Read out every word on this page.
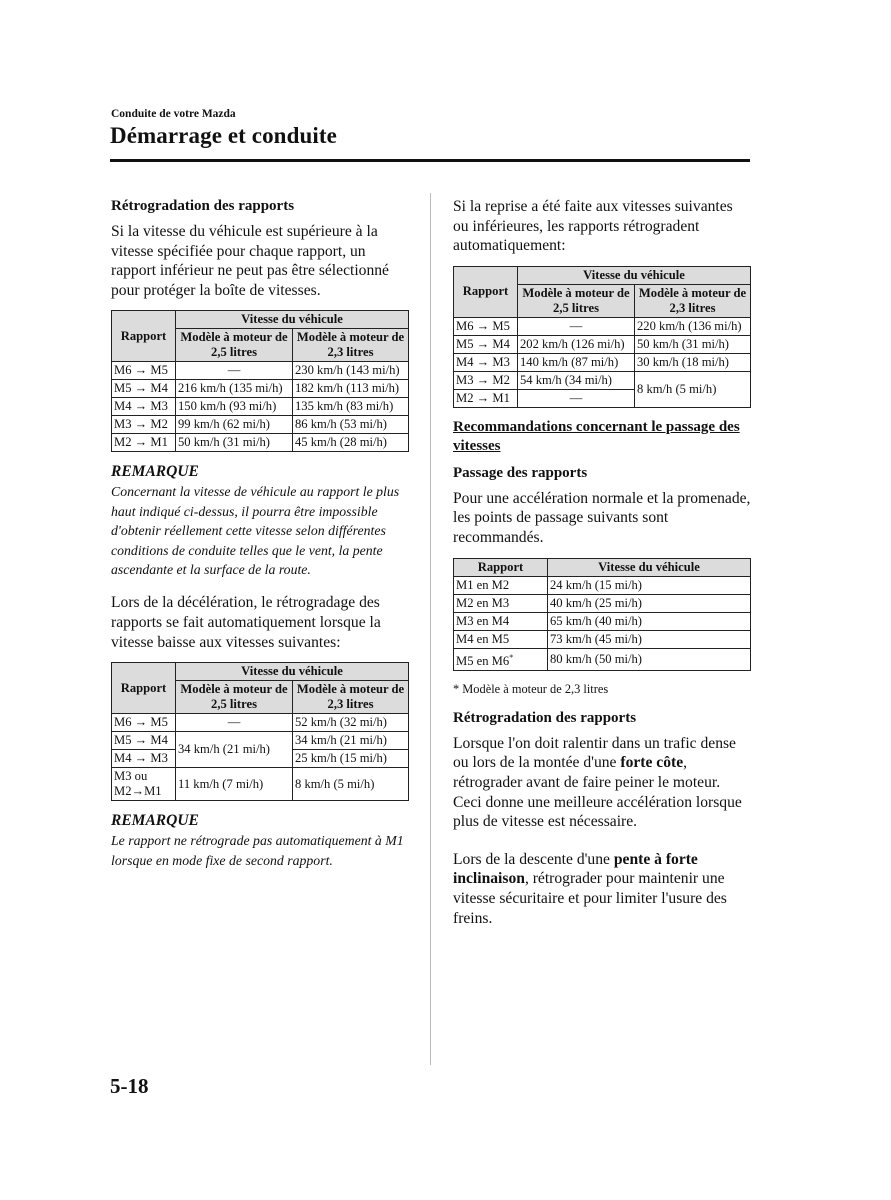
Conduite de votre Mazda
Démarrage et conduite
Rétrogradation des rapports

Si la vitesse du véhicule est supérieure à la vitesse spécifiée pour chaque rapport, un rapport inférieur ne peut pas être sélectionné pour protéger la boîte de vitesses.

Rapport	Vitesse du véhicule	
	Modèle à moteur de 2,5 litres	Modèle à moteur de 2,3 litres
M6 → M5	—	230 km/h (143 mi/h)
M5 → M4	216 km/h (135 mi/h)	182 km/h (113 mi/h)
M4 → M3	150 km/h (93 mi/h)	135 km/h (83 mi/h)
M3 → M2	99 km/h (62 mi/h)	86 km/h (53 mi/h)
M2 → M1	50 km/h (31 mi/h)	45 km/h (28 mi/h)
REMARQUE
Concernant la vitesse de véhicule au rapport le plus haut indiqué ci-dessus, il pourra être impossible d'obtenir réellement cette vitesse selon différentes conditions de conduite telles que le vent, la pente ascendante et la surface de la route.

Lors de la décélération, le rétrogradage des rapports se fait automatiquement lorsque la vitesse baisse aux vitesses suivantes:

Rapport	Vitesse du véhicule	
	Modèle à moteur de 2,5 litres	Modèle à moteur de 2,3 litres
M6 → M5	—	52 km/h (32 mi/h)
M5 → M4	34 km/h (21 mi/h)	34 km/h (21 mi/h)
M4 → M3		25 km/h (15 mi/h)
M3 ou
M2→M1	11 km/h (7 mi/h)	8 km/h (5 mi/h)
REMARQUE
Le rapport ne rétrograde pas automatiquement à M1 lorsque en mode fixe de second rapport.

Si la reprise a été faite aux vitesses suivantes ou inférieures, les rapports rétrogradent automatiquement:

Rapport	Vitesse du véhicule	
	Modèle à moteur de 2,5 litres	Modèle à moteur de 2,3 litres
M6 → M5	—	220 km/h (136 mi/h)
M5 → M4	202 km/h (126 mi/h)	50 km/h (31 mi/h)
M4 → M3	140 km/h (87 mi/h)	30 km/h (18 mi/h)
M3 → M2	54 km/h (34 mi/h)	8 km/h (5 mi/h)
M2 → M1	—	
Recommandations concernant le passage des vitesses
Passage des rapports

Pour une accélération normale et la promenade, les points de passage suivants sont recommandés.

Rapport	Vitesse du véhicule
M1 en M2	24 km/h (15 mi/h)
M2 en M3	40 km/h (25 mi/h)
M3 en M4	65 km/h (40 mi/h)
M4 en M5	73 km/h (45 mi/h)
M5 en M6*	80 km/h (50 mi/h)
* Modèle à moteur de 2,3 litres
Rétrogradation des rapports

Lorsque l'on doit ralentir dans un trafic dense ou lors de la montée d'une forte côte, rétrograder avant de faire peiner le moteur. Ceci donne une meilleure accélération lorsque plus de vitesse est nécessaire.

Lors de la descente d'une pente à forte inclinaison, rétrograder pour maintenir une vitesse sécuritaire et pour limiter l'usure des freins.

5-18
